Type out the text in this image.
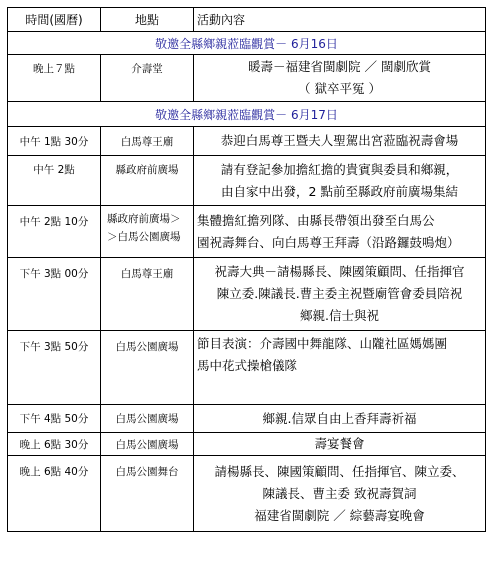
時間(國曆)	地點	活動內容
敬邀全縣鄉親蒞臨觀賞－ 6月16日		
晚上７點	介壽堂	暖壽－福建省閩劇院 ／ 閩劇欣賞
（ 獄卒平冤 ）

敬邀全縣鄉親蒞臨觀賞－ 6月17日		
中午 1點 30分	白馬尊王廟	恭迎白馬尊王暨夫人聖駕出宮蒞臨祝壽會場

中午 2點	縣政府前廣場	請有登記參加擔紅擔的貴賓與委員和鄉親，
由自家中出發，2 點前至縣政府前廣場集結

中午 2點 10分	縣政府前廣場＞
＞白馬公園廣場	集體擔紅擔列隊、由縣長帶領出發至白馬公
園祝壽舞台、向白馬尊王拜壽（沿路鑼鼓鳴炮）

下午 3點 00分	白馬尊王廟	祝壽大典－請楊縣長、陳國策顧問、任指揮官
陳立委.陳議長.曹主委主祝暨廟管會委員陪祝
鄉親.信士與祝

下午 3點 50分	白馬公園廣場	節目表演：介壽國中舞龍隊、山隴社區媽媽團
馬中花式操槍儀隊

下午 4點 50分	白馬公園廣場	鄉親.信眾自由上香拜壽祈福

晚上 6點 30分	白馬公園廣場	壽宴餐會

晚上 6點 40分	白馬公園舞台	請楊縣長、陳國策顧問、任指揮官、陳立委、
陳議長、曹主委 致祝壽賀詞
福建省閩劇院 ／ 綜藝壽宴晚會
